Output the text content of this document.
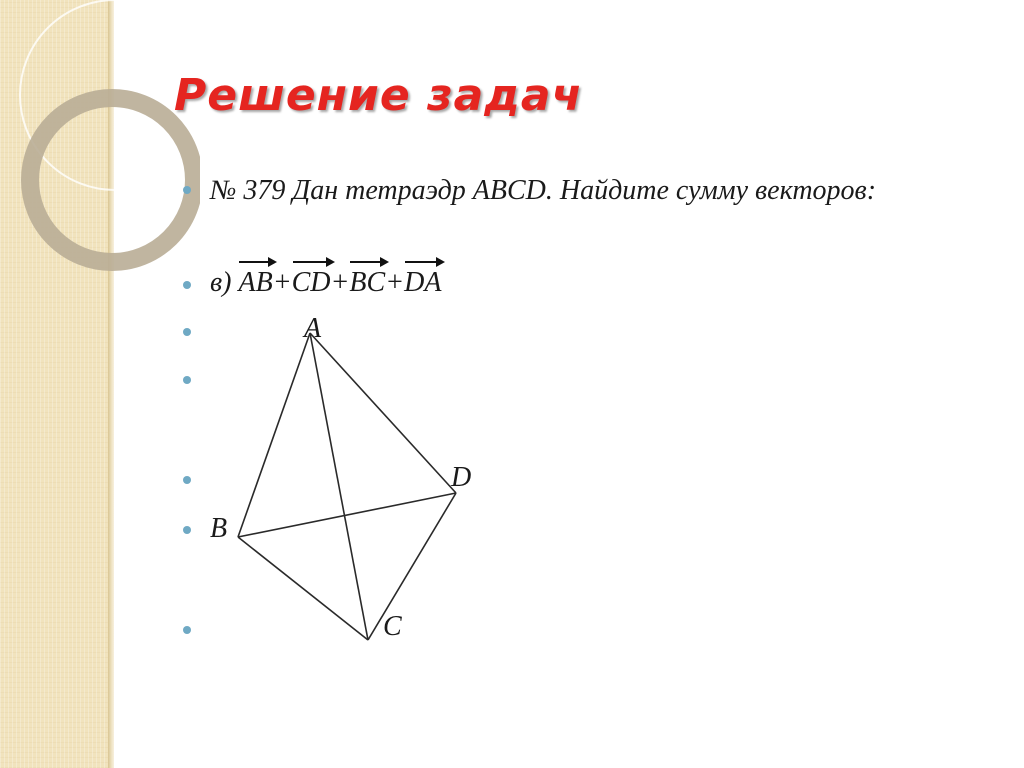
Решение задач
№ 379 Дан тетраэдр ABCD. Найдите сумму векторов:
в) AB+CD+BC+DA
A
D
B
C
